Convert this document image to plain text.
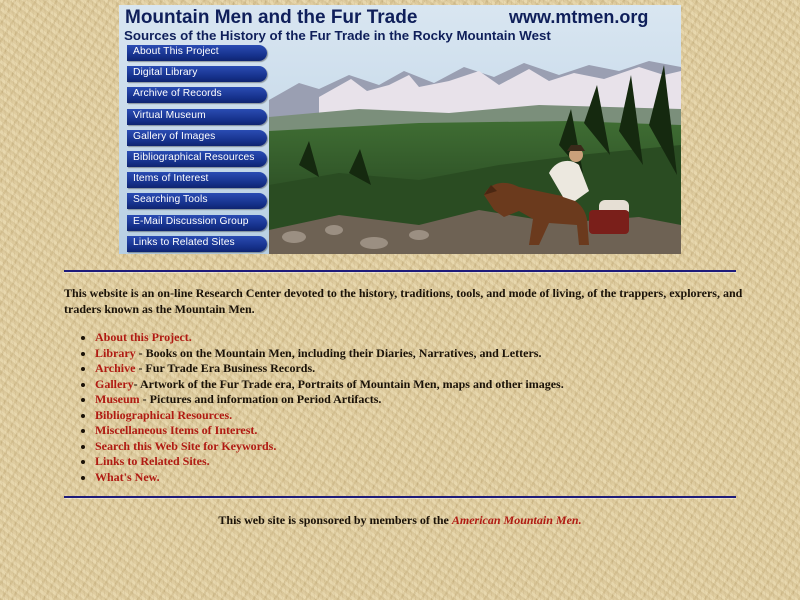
Mountain Men and the Fur Trade	www.mtmen.org
Sources of the History of the Fur Trade in the Rocky Mountain West
About This Project
Digital Library
Archive of Records
Virtual Museum
Gallery of Images
Bibliographical Resources
Items of Interest
Searching Tools
E-Mail Discussion Group
Links to Related Sites

This website is an on-line Research Center devoted to the history, traditions, tools, and mode of living, of the trappers, explorers, and traders known as the Mountain Men.

• About this Project.
• Library - Books on the Mountain Men, including their Diaries, Narratives, and Letters.
• Archive - Fur Trade Era Business Records.
• Gallery- Artwork of the Fur Trade era, Portraits of Mountain Men, maps and other images.
• Museum - Pictures and information on Period Artifacts.
• Bibliographical Resources.
• Miscellaneous Items of Interest.
• Search this Web Site for Keywords.
• Links to Related Sites.
• What's New.

This web site is sponsored by members of the American Mountain Men.
